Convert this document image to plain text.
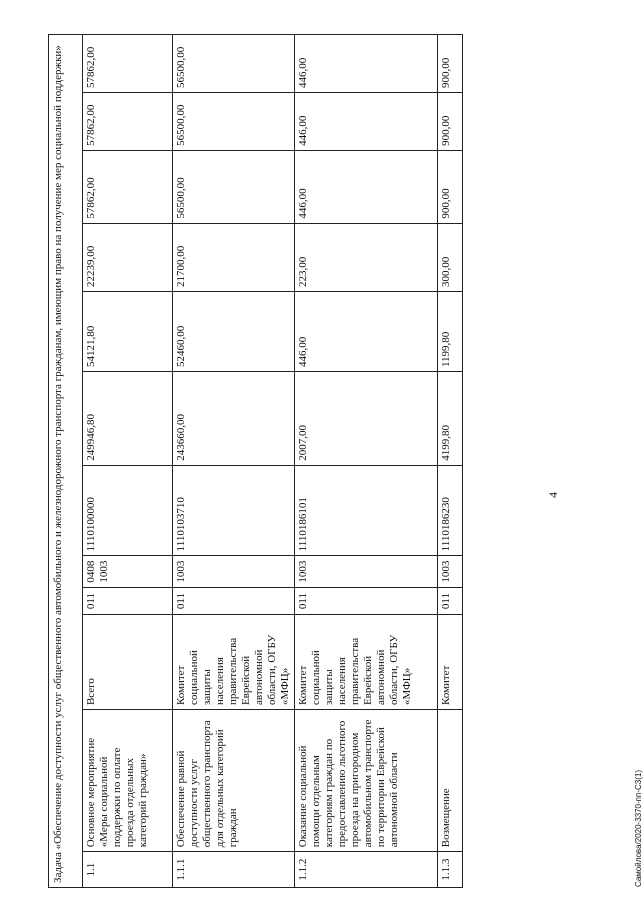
4
Задача «Обеспечение доступности услуг общественного автомобильного и железнодорожного транспорта гражданам, имеющим право на получение мер социальной поддержки»	1.1	Основное мероприятие «Меры социальной поддержки по оплате проезда отдельных категорий граждан»	Всего	011	0408 1003	1110100000	249946,80	54121,80	22239,00	57862,00	57862,00	57862,00
1.1.1	Обеспечение равной доступности услуг общественного транспорта для отдельных категорий граждан	Комитет социальной защиты населения правительства Еврейской автономной области, ОГБУ «МФЦ»	011	1003	1110103710	243660,00	52460,00	21700,00	56500,00	56500,00	56500,00
1.1.2	Оказание социальной помощи отдельным категориям граждан по предоставлению льготного проезда на пригородном автомобильном транспорте по территории Еврейской автономной области	Комитет социальной защиты населения правительства Еврейской автономной области, ОГБУ «МФЦ»	011	1003	1110186101	2007,00	446,00	223,00	446,00	446,00	446,00
1.1.3	Возмещение	Комитет	011	1003	1110186230	4199,80	1199,80	300,00	900,00	900,00	900,00
Самойлова/2020-3370-пп-С3(1)
